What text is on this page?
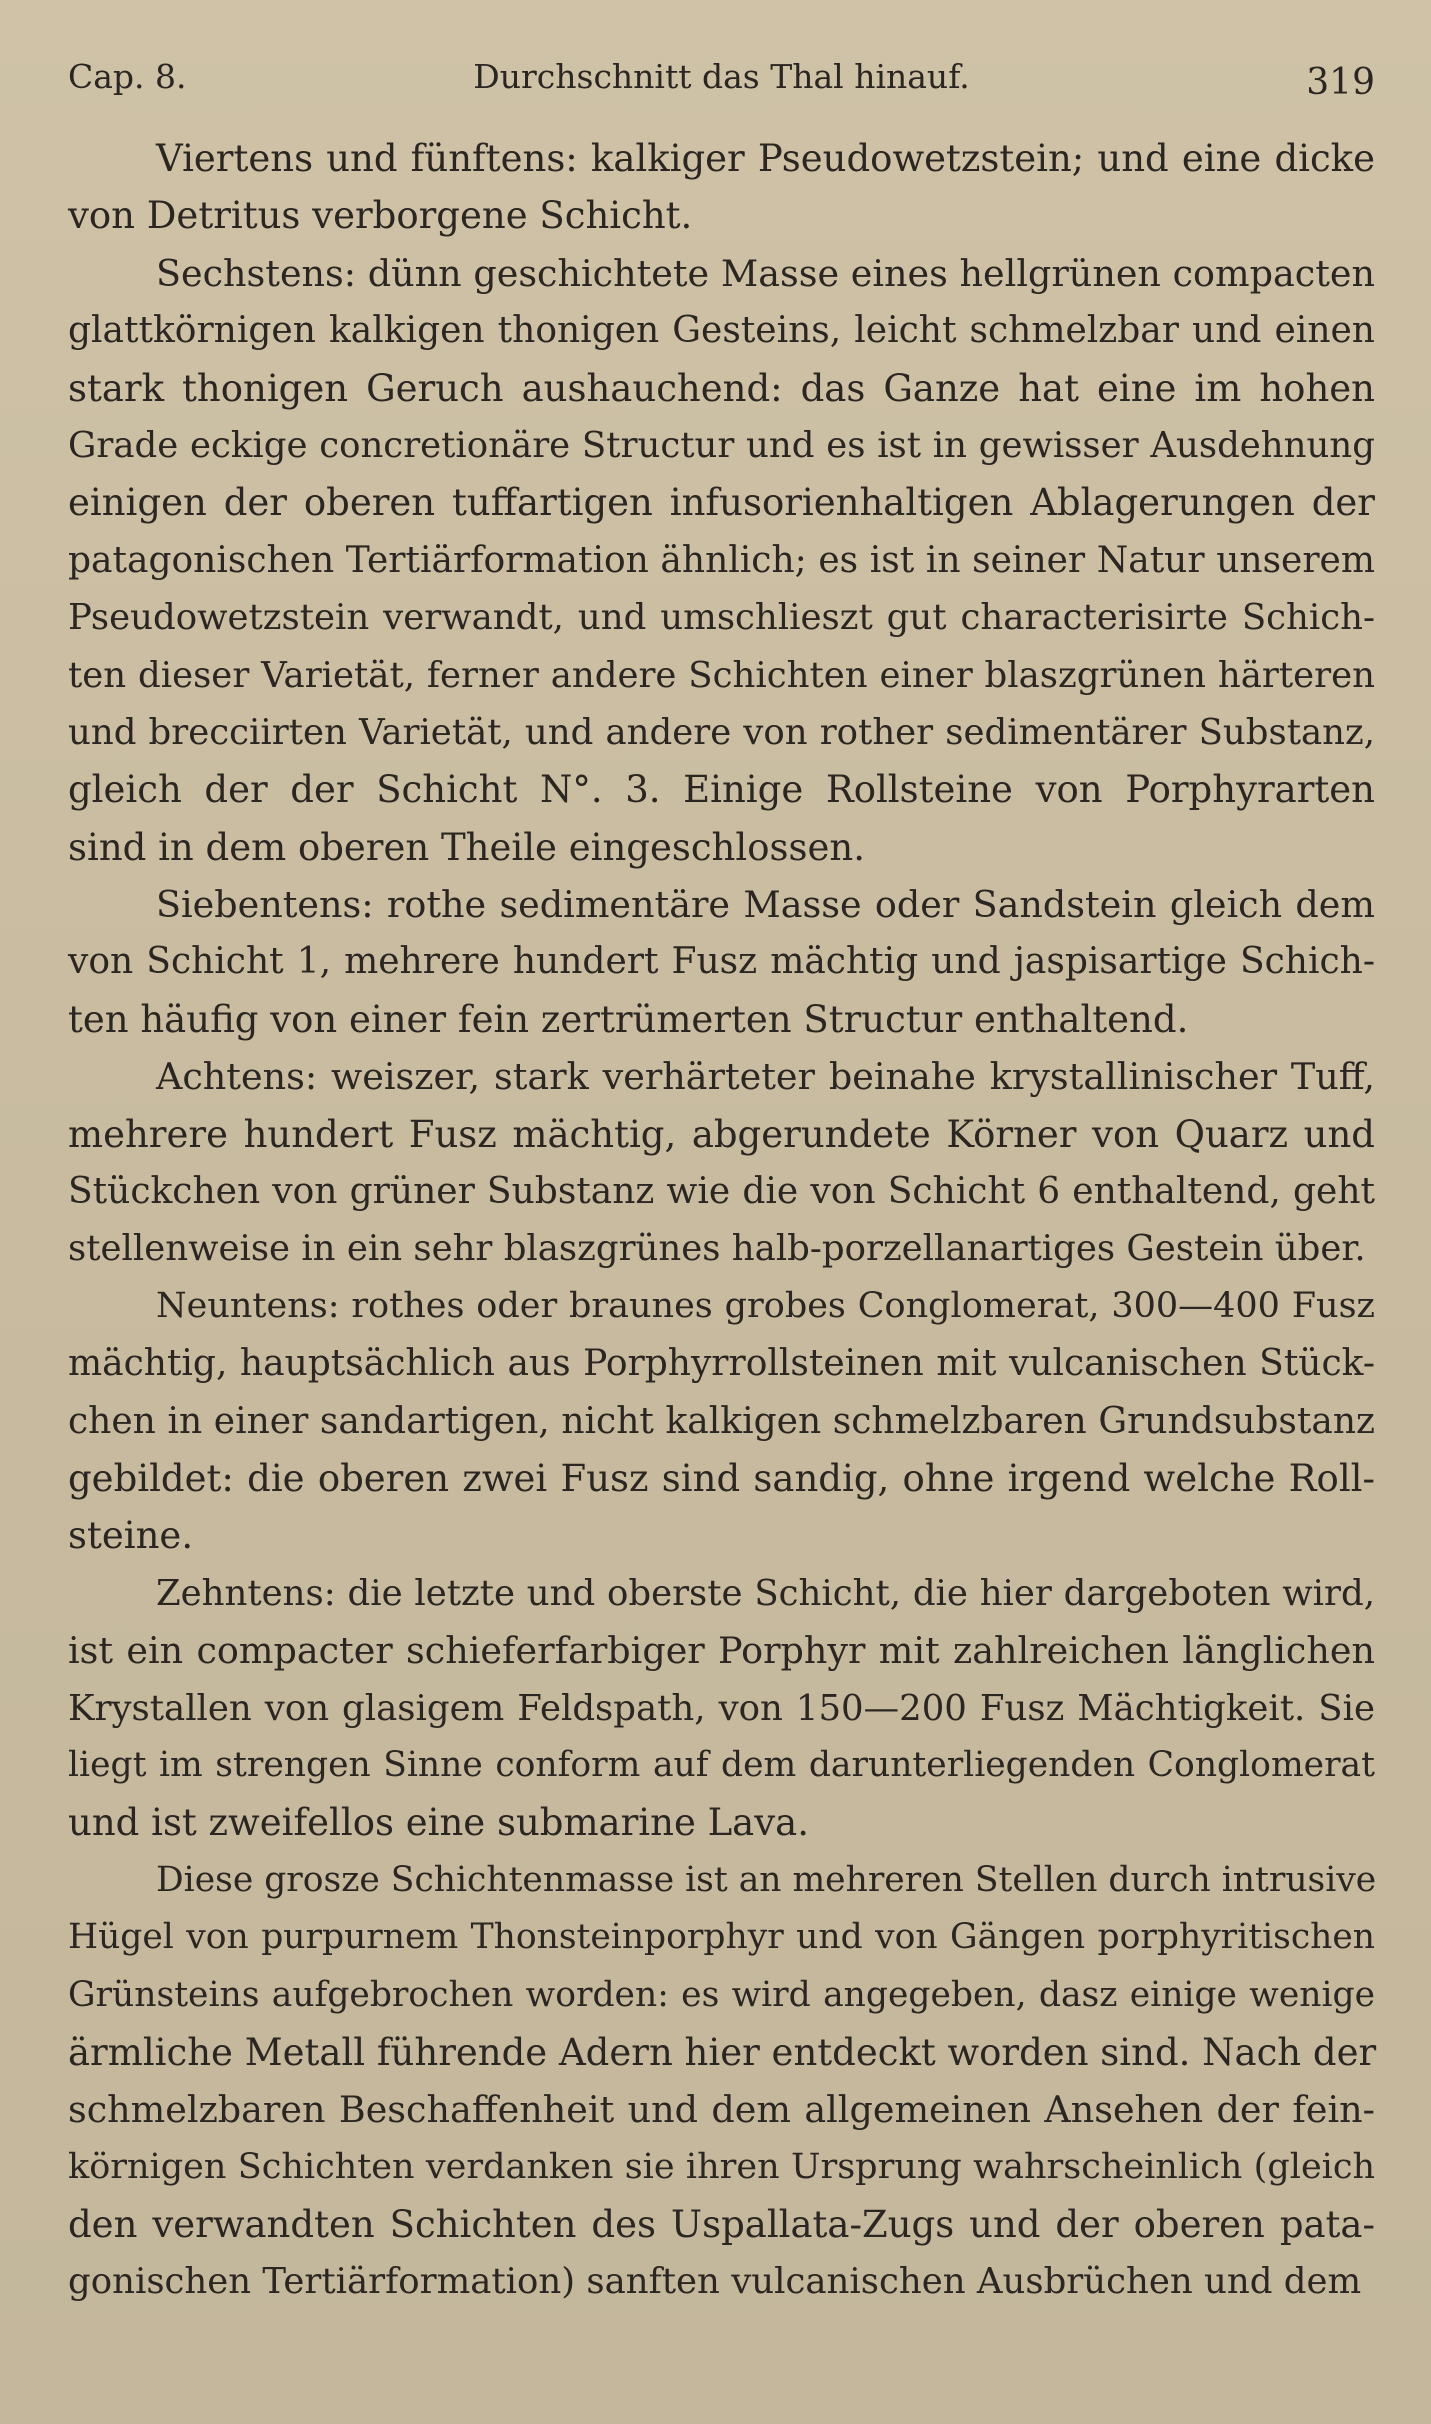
Cap. 8.	Durchschnitt das Thal hinauf.	319
Viertens und fünftens: kalkiger Pseudowetzstein; und eine dicke
von Detritus verborgene Schicht.
Sechstens: dünn geschichtete Masse eines hellgrünen compacten
glattkörnigen kalkigen thonigen Gesteins, leicht schmelzbar und einen
stark thonigen Geruch aushauchend: das Ganze hat eine im hohen
Grade eckige concretionäre Structur und es ist in gewisser Ausdehnung
einigen der oberen tuffartigen infusorienhaltigen Ablagerungen der
patagonischen Tertiärformation ähnlich; es ist in seiner Natur unserem
Pseudowetzstein verwandt, und umschlieszt gut characterisirte Schich-
ten dieser Varietät, ferner andere Schichten einer blaszgrünen härteren
und brecciirten Varietät, und andere von rother sedimentärer Substanz,
gleich der der Schicht N°. 3. Einige Rollsteine von Porphyrarten
sind in dem oberen Theile eingeschlossen.
Siebentens: rothe sedimentäre Masse oder Sandstein gleich dem
von Schicht 1, mehrere hundert Fusz mächtig und jaspisartige Schich-
ten häufig von einer fein zertrümerten Structur enthaltend.
Achtens: weiszer, stark verhärteter beinahe krystallinischer Tuff,
mehrere hundert Fusz mächtig, abgerundete Körner von Quarz und
Stückchen von grüner Substanz wie die von Schicht 6 enthaltend, geht
stellenweise in ein sehr blaszgrünes halb-porzellanartiges Gestein über.
Neuntens: rothes oder braunes grobes Conglomerat, 300—400 Fusz
mächtig, hauptsächlich aus Porphyrrollsteinen mit vulcanischen Stück-
chen in einer sandartigen, nicht kalkigen schmelzbaren Grundsubstanz
gebildet: die oberen zwei Fusz sind sandig, ohne irgend welche Roll-
steine.
Zehntens: die letzte und oberste Schicht, die hier dargeboten wird,
ist ein compacter schieferfarbiger Porphyr mit zahlreichen länglichen
Krystallen von glasigem Feldspath, von 150—200 Fusz Mächtigkeit. Sie
liegt im strengen Sinne conform auf dem darunterliegenden Conglomerat
und ist zweifellos eine submarine Lava.
Diese grosze Schichtenmasse ist an mehreren Stellen durch intrusive
Hügel von purpurnem Thonsteinporphyr und von Gängen porphyritischen
Grünsteins aufgebrochen worden: es wird angegeben, dasz einige wenige
ärmliche Metall führende Adern hier entdeckt worden sind. Nach der
schmelzbaren Beschaffenheit und dem allgemeinen Ansehen der fein-
körnigen Schichten verdanken sie ihren Ursprung wahrscheinlich (gleich
den verwandten Schichten des Uspallata-Zugs und der oberen pata-
gonischen Tertiärformation) sanften vulcanischen Ausbrüchen und dem
